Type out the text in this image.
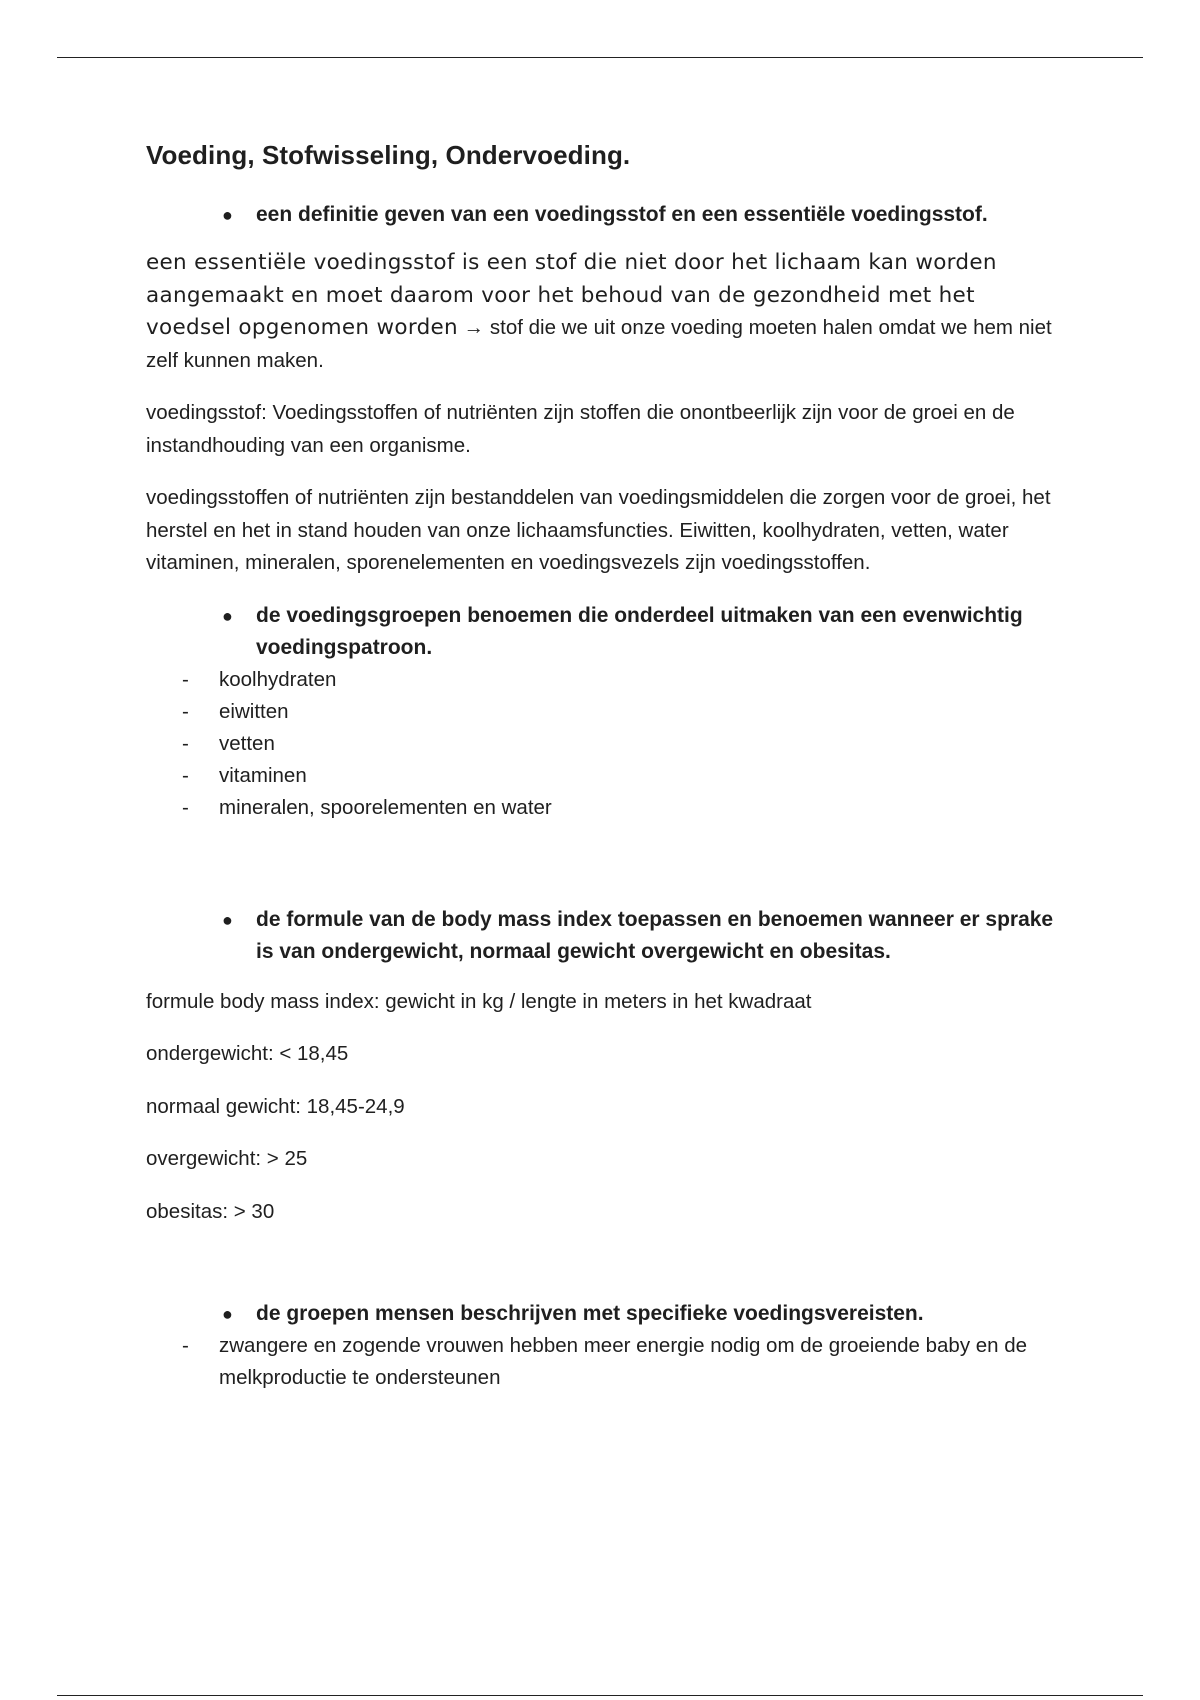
Voeding, Stofwisseling, Ondervoeding.
● een definitie geven van een voedingsstof en een essentiële voedingsstof.

een essentiële voedingsstof is een stof die niet door het lichaam kan worden aangemaakt en moet daarom voor het behoud van de gezondheid met het voedsel opgenomen worden → stof die we uit onze voeding moeten halen omdat we hem niet zelf kunnen maken.

voedingsstof: Voedingsstoffen of nutriënten zijn stoffen die onontbeerlijk zijn voor de groei en de instandhouding van een organisme.

voedingsstoffen of nutriënten zijn bestanddelen van voedingsmiddelen die zorgen voor de groei, het herstel en het in stand houden van onze lichaamsfuncties. Eiwitten, koolhydraten, vetten, water vitaminen, mineralen, sporenelementen en voedingsvezels zijn voedingsstoffen.

● de voedingsgroepen benoemen die onderdeel uitmaken van een evenwichtig voedingspatroon.
- koolhydraten
- eiwitten
- vetten
- vitaminen
- mineralen, spoorelementen en water
● de formule van de body mass index toepassen en benoemen wanneer er sprake is van ondergewicht, normaal gewicht overgewicht en obesitas.

formule body mass index: gewicht in kg / lengte in meters in het kwadraat

ondergewicht: < 18,45

normaal gewicht: 18,45-24,9

overgewicht: > 25

obesitas: > 30

● de groepen mensen beschrijven met specifieke voedingsvereisten.
- zwangere en zogende vrouwen hebben meer energie nodig om de groeiende baby en de melkproductie te ondersteunen
